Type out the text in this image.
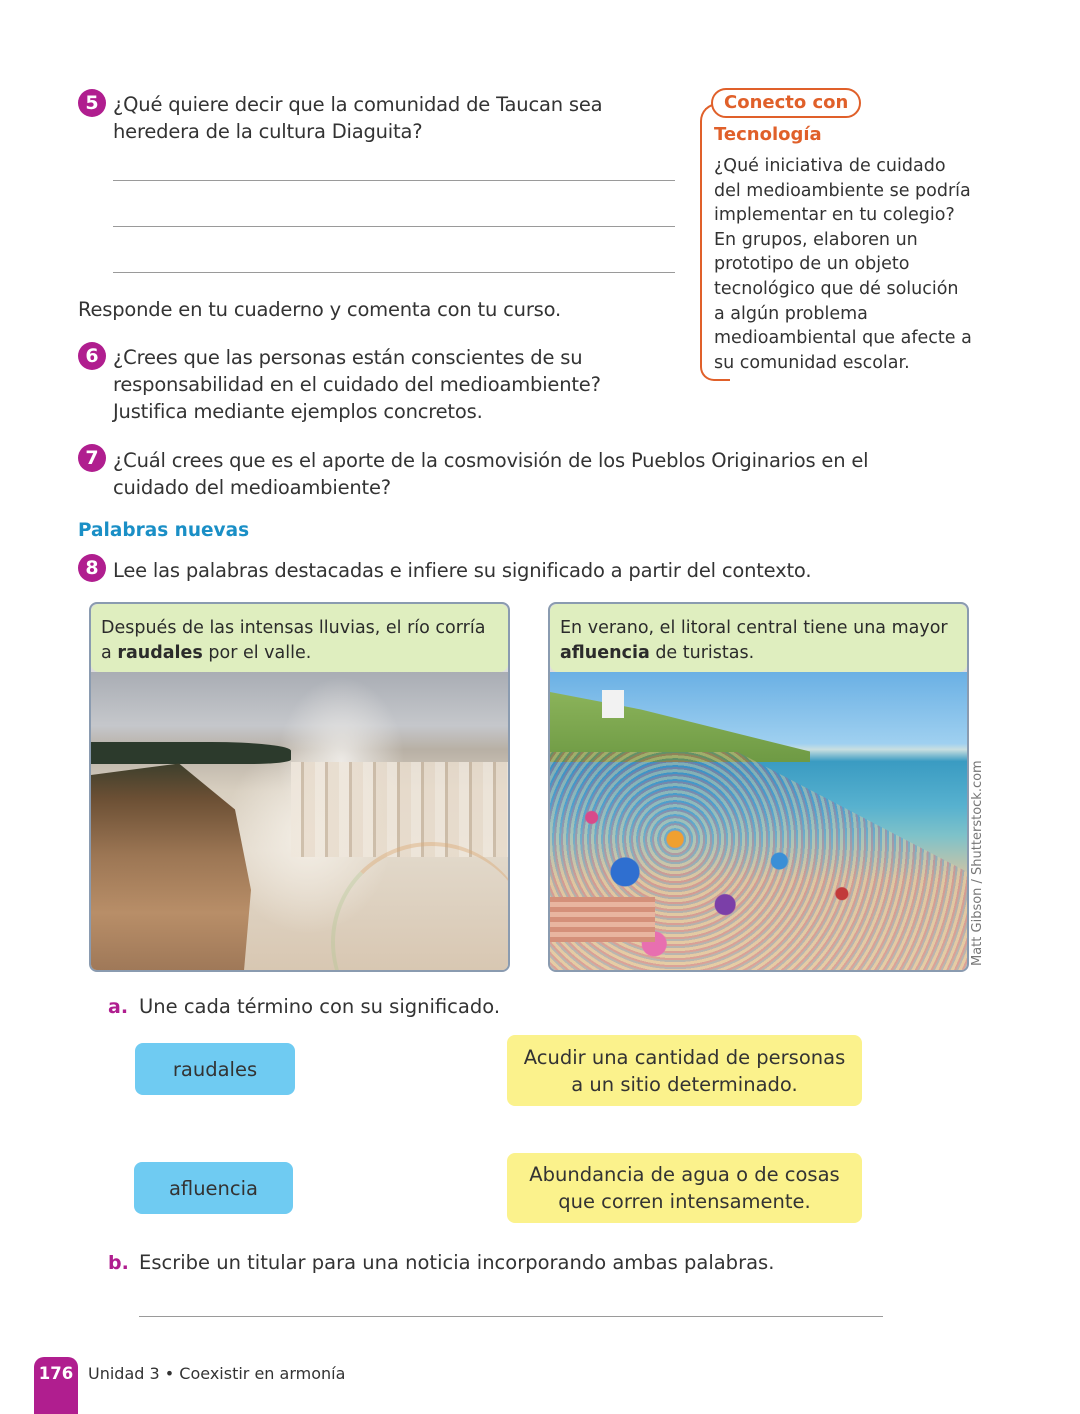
5 ¿Qué quiere decir que la comunidad de Taucan sea heredera de la cultura Diaguita?
Responde en tu cuaderno y comenta con tu curso.
6 ¿Crees que las personas están conscientes de su responsabilidad en el cuidado del medioambiente? Justifica mediante ejemplos concretos.
7 ¿Cuál crees que es el aporte de la cosmovisión de los Pueblos Originarios en el cuidado del medioambiente?
Conecto con
Tecnología
¿Qué iniciativa de cuidado del medioambiente se podría implementar en tu colegio? En grupos, elaboren un prototipo de un objeto tecnológico que dé solución a algún problema medioambiental que afecte a su comunidad escolar.
Palabras nuevas
8 Lee las palabras destacadas e infiere su significado a partir del contexto.
Después de las intensas lluvias, el río corría a raudales por el valle.
En verano, el litoral central tiene una mayor afluencia de turistas.
Matt Gibson / Shutterstock.com
a. Une cada término con su significado.
raudales
afluencia
Acudir una cantidad de personas a un sitio determinado.
Abundancia de agua o de cosas que corren intensamente.
b. Escribe un titular para una noticia incorporando ambas palabras.
176 Unidad 3 • Coexistir en armonía
